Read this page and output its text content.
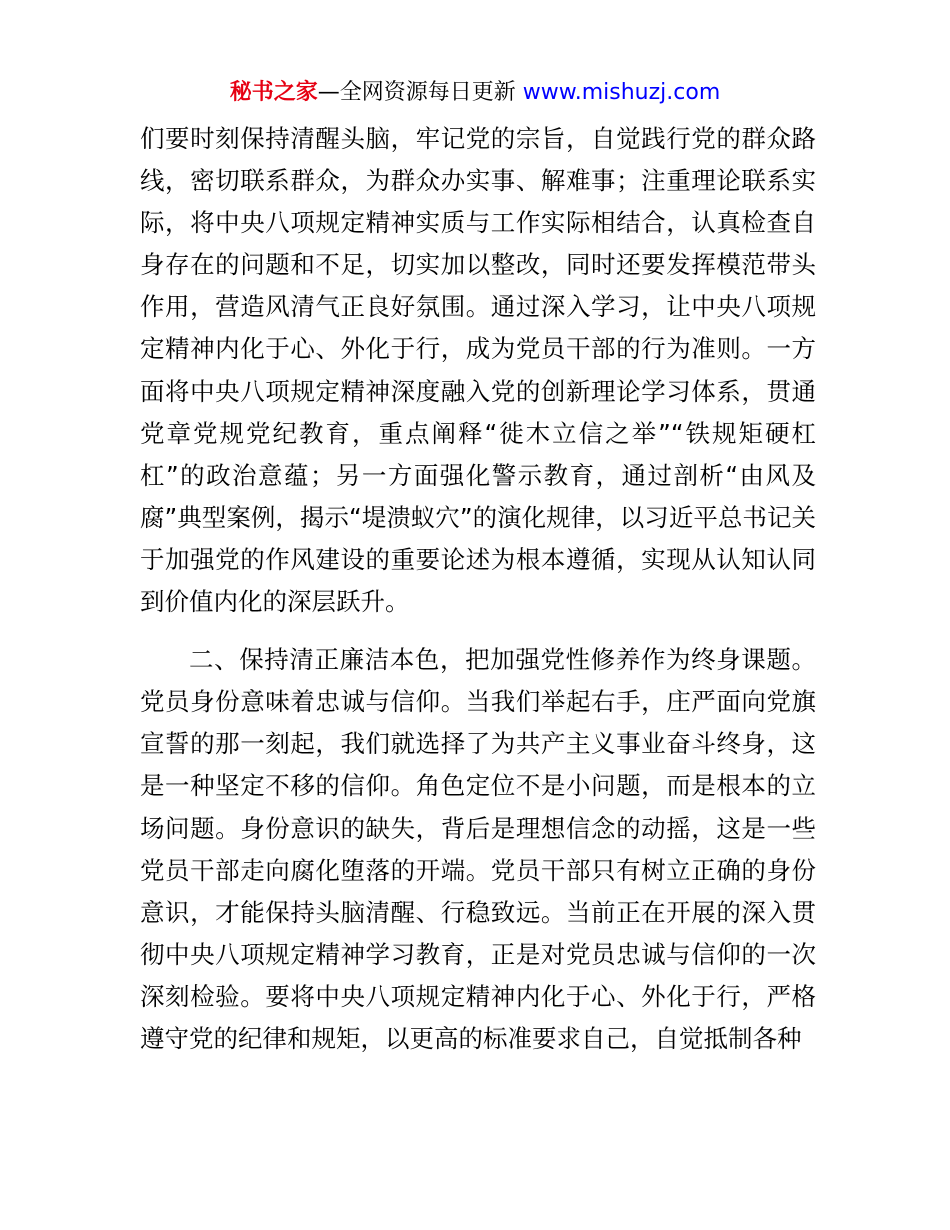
秘书之家—全网资源每日更新 www.mishuzj.com

们要时刻保持清醒头脑，牢记党的宗旨，自觉践行党的群众路线，密切联系群众，为群众办实事、解难事；注重理论联系实际，将中央八项规定精神实质与工作实际相结合，认真检查自身存在的问题和不足，切实加以整改，同时还要发挥模范带头作用，营造风清气正良好氛围。通过深入学习，让中央八项规定精神内化于心、外化于行，成为党员干部的行为准则。一方面将中央八项规定精神深度融入党的创新理论学习体系，贯通党章党规党纪教育，重点阐释“徙木立信之举”“铁规矩硬杠杠”的政治意蕴；另一方面强化警示教育，通过剖析“由风及腐”典型案例，揭示“堤溃蚁穴”的演化规律，以习近平总书记关于加强党的作风建设的重要论述为根本遵循，实现从认知认同到价值内化的深层跃升。

二、保持清正廉洁本色，把加强党性修养作为终身课题。党员身份意味着忠诚与信仰。当我们举起右手，庄严面向党旗宣誓的那一刻起，我们就选择了为共产主义事业奋斗终身，这是一种坚定不移的信仰。角色定位不是小问题，而是根本的立场问题。身份意识的缺失，背后是理想信念的动摇，这是一些党员干部走向腐化堕落的开端。党员干部只有树立正确的身份意识，才能保持头脑清醒、行稳致远。当前正在开展的深入贯彻中央八项规定精神学习教育，正是对党员忠诚与信仰的一次深刻检验。要将中央八项规定精神内化于心、外化于行，严格遵守党的纪律和规矩，以更高的标准要求自己，自觉抵制各种
